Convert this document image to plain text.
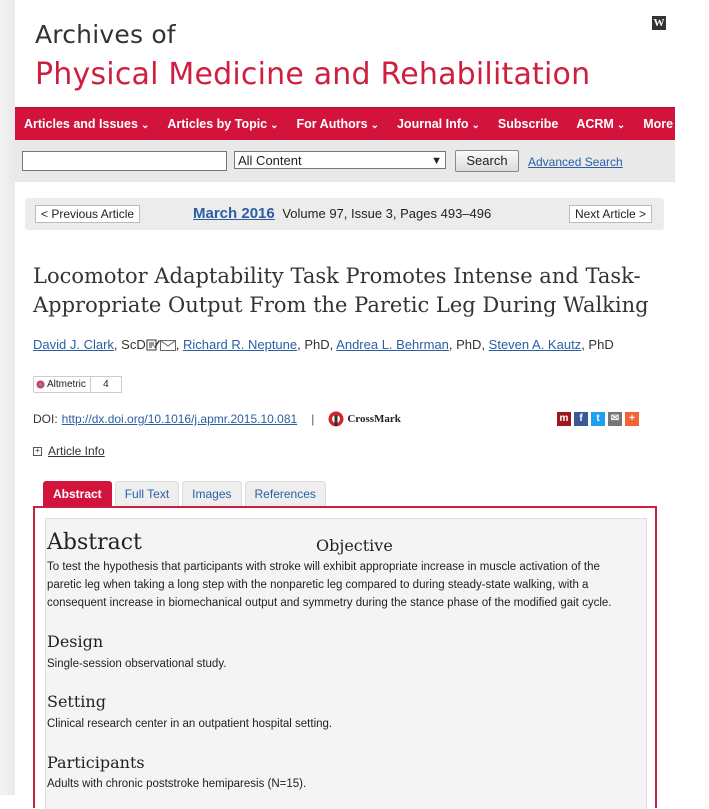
Archives of
Physical Medicine and Rehabilitation
W
Articles and Issues ⌄	Articles by Topic ⌄	For Authors ⌄	Journal Info ⌄	Subscribe	ACRM ⌄	More Peri
All Content	▼	Search	Advanced Search
< Previous Article	March 2016 Volume 97, Issue 3, Pages 493–496	Next Article >
Locomotor Adaptability Task Promotes Intense and Task-Appropriate Output From the Paretic Leg During Walking
David J. Clark, ScD , Richard R. Neptune, PhD, Andrea L. Behrman, PhD, Steven A. Kautz, PhD
Altmetric	4
DOI: http://dx.doi.org/10.1016/j.apmr.2015.10.081 |	CrossMark	m	f	t	✉ +
+ Article Info
Abstract	Full Text	Images	References
Abstract	Objective
To test the hypothesis that participants with stroke will exhibit appropriate increase in muscle activation of the paretic leg when taking a long step with the nonparetic leg compared to during steady-state walking, with a consequent increase in biomechanical output and symmetry during the stance phase of the modified gait cycle.
Design
Single-session observational study.
Setting
Clinical research center in an outpatient hospital setting.
Participants
Adults with chronic poststroke hemiparesis (N=15).
